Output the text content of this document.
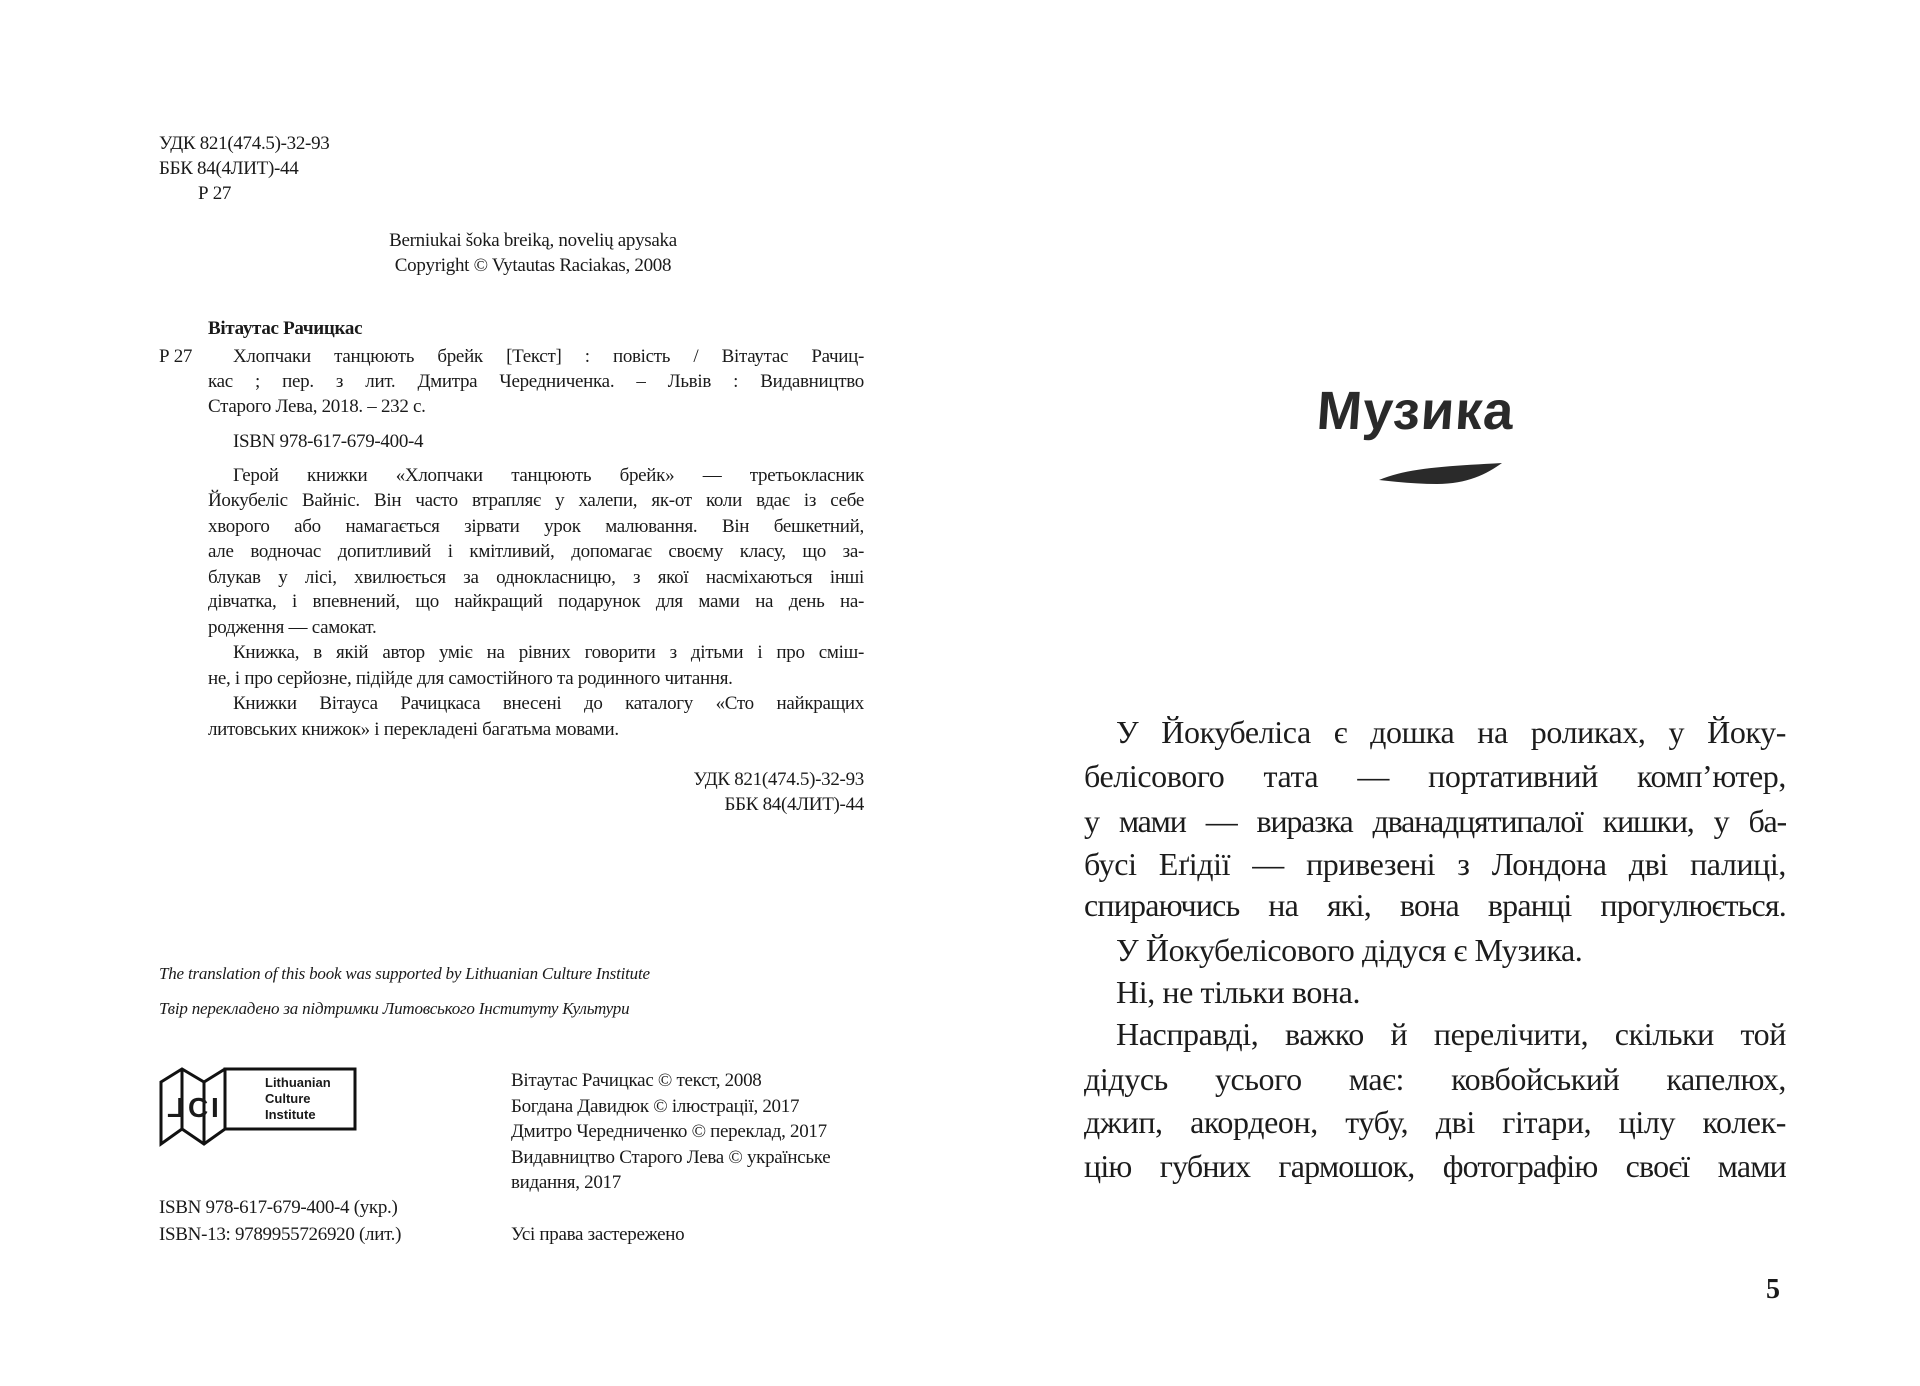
УДК 821(474.5)-32-93
ББК 84(4ЛИТ)-44
Р 27
Berniukai šoka breiką, novelių apysaka
Copyright © Vytautas Raciakas, 2008
Вітаутас Рачицкас
Р 27 Хлопчаки танцюють брейк [Текст] : повість / Вітаутас Рачиц-
кас ; пер. з лит. Дмитра Чередниченка. – Львів : Видавництво
Старого Лева, 2018. – 232 с.
ISBN 978-617-679-400-4
Герой книжки «Хлопчаки танцюють брейк» — третьокласник
Йокубеліс Вайніс. Він часто втрапляє у халепи, як-от коли вдає із себе
хворого або намагається зірвати урок малювання. Він бешкетний,
але водночас допитливий і кмітливий, допомагає своєму класу, що за-
блукав у лісі, хвилюється за однокласницю, з якої насміхаються інші
дівчатка, і впевнений, що найкращий подарунок для мами на день на-
родження — самокат.
Книжка, в якій автор уміє на рівних говорити з дітьми і про сміш-
не, і про серйозне, підійде для самостійного та родинного читання.
Книжки Вітауса Рачицкаса внесені до каталогу «Сто найкращих
литовських книжок» і перекладені багатьма мовами.
УДК 821(474.5)-32-93
ББК 84(4ЛИТ)-44
The translation of this book was supported by Lithuanian Culture Institute
Твір перекладено за підтримки Литовського Інституту Культури
L C I
Lithuanian
Culture
Institute
Вітаутас Рачицкас © текст, 2008
Богдана Давидюк © ілюстрації, 2017
Дмитро Чередниченко © переклад, 2017
Видавництво Старого Лева © українське
видання, 2017
ISBN 978-617-679-400-4 (укр.)
ISBN-13: 9789955726920 (лит.)	Усі права застережено
Музика
У Йокубеліса є дошка на роликах, у Йоку-
белісового тата — портативний комп’ютер,
у мами — виразка дванадцятипалої кишки, у ба-
бусі Еґідії — привезені з Лондона дві палиці,
спираючись на які, вона вранці прогулюється.
У Йокубелісового дідуся є Музика.
Ні, не тільки вона.
Насправді, важко й перелічити, скільки той
дідусь усього має: ковбойський капелюх,
джип, акордеон, тубу, дві гітари, цілу колек-
цію губних гармошок, фотографію своєї мами
5
